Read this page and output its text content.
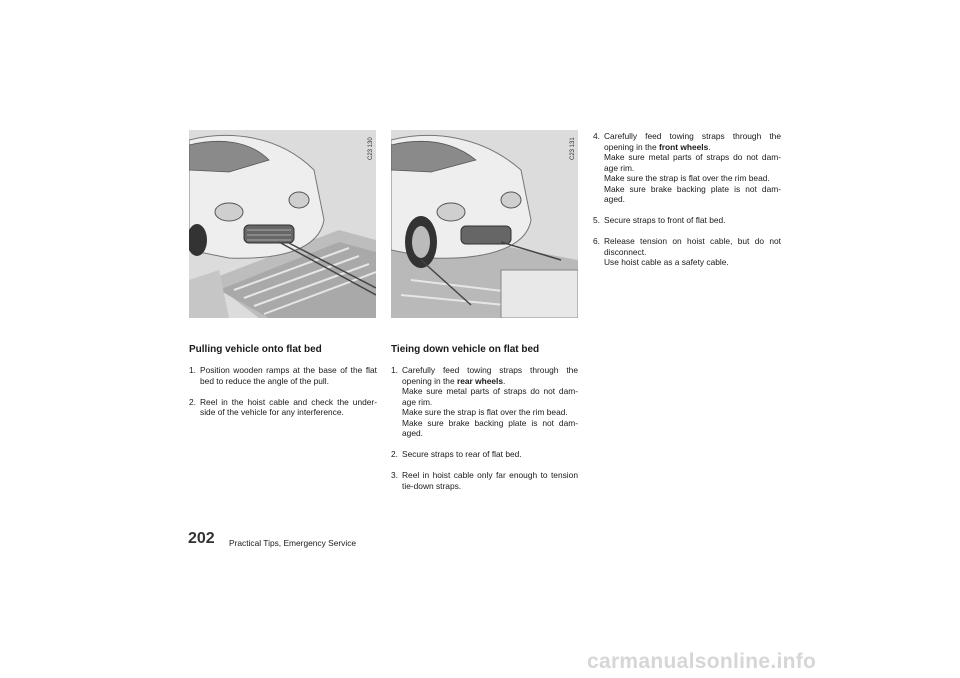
C23 130	C23 131
Pulling vehicle onto flat bed
1. Position wooden ramps at the base of the flat bed to reduce the angle of the pull.

2. Reel in the hoist cable and check the under-side of the vehicle for any interference.

Tieing down vehicle on flat bed
1. Carefully feed towing straps through the opening in the rear wheels.

Make sure metal parts of straps do not dam-age rim.

Make sure the strap is flat over the rim bead.

Make sure brake backing plate is not dam-aged.

2. Secure straps to rear of flat bed.

3. Reel in hoist cable only far enough to tension tie-down straps.

4. Carefully feed towing straps through the opening in the front wheels.

Make sure metal parts of straps do not dam-age rim.

Make sure the strap is flat over the rim bead.

Make sure brake backing plate is not dam-aged.

5. Secure straps to front of flat bed.

6. Release tension on hoist cable, but do not disconnect.

Use hoist cable as a safety cable.

202 Practical Tips, Emergency Service
carmanualsonline.info
